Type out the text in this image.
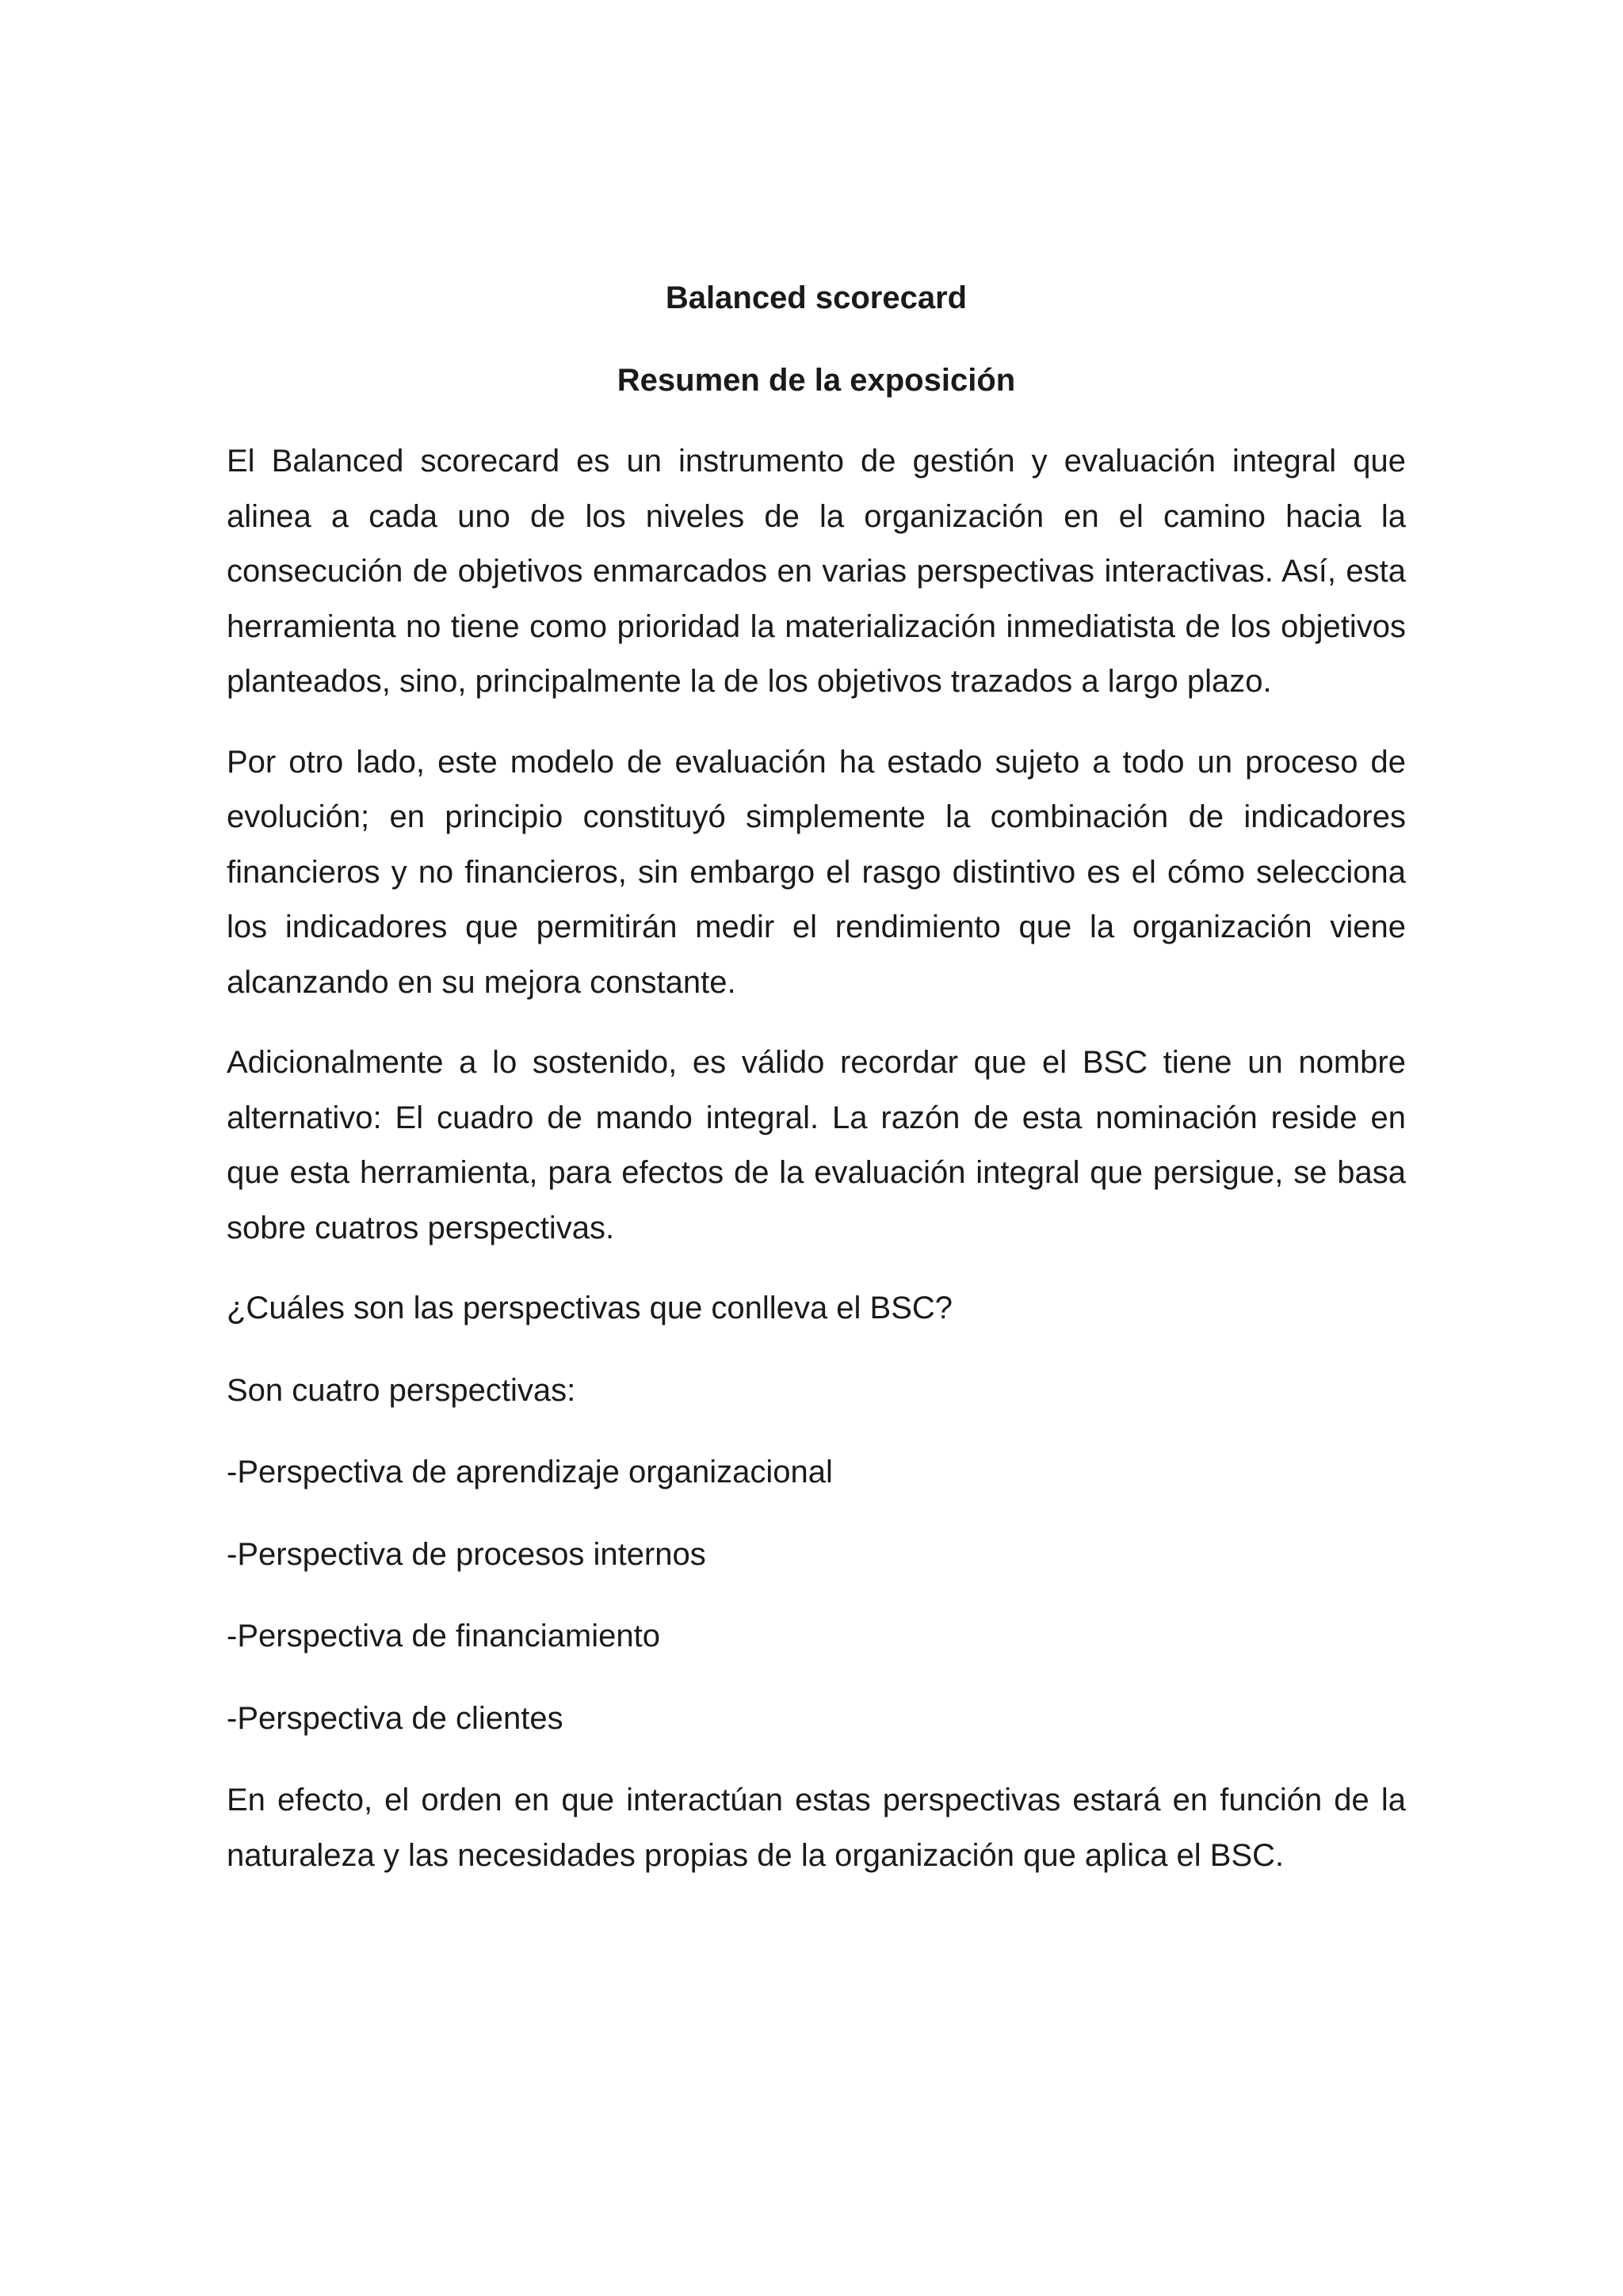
Balanced scorecard
Resumen de la exposición

El Balanced scorecard es un instrumento de gestión y evaluación integral que alinea a cada uno de los niveles de la organización en el camino hacia la consecución de objetivos enmarcados en varias perspectivas interactivas. Así, esta herramienta no tiene como prioridad la materialización inmediatista de los objetivos planteados, sino, principalmente la de los objetivos trazados a largo plazo.

Por otro lado, este modelo de evaluación ha estado sujeto a todo un proceso de evolución; en principio constituyó simplemente la combinación de indicadores financieros y no financieros, sin embargo el rasgo distintivo es el cómo selecciona los indicadores que permitirán medir el rendimiento que la organización viene alcanzando en su mejora constante.

Adicionalmente a lo sostenido, es válido recordar que el BSC tiene un nombre alternativo: El cuadro de mando integral. La razón de esta nominación reside en que esta herramienta, para efectos de la evaluación integral que persigue, se basa sobre cuatros perspectivas.

¿Cuáles son las perspectivas que conlleva el BSC?
Son cuatro perspectivas:
-Perspectiva de aprendizaje organizacional
-Perspectiva de procesos internos
-Perspectiva de financiamiento
-Perspectiva de clientes

En efecto, el orden en que interactúan estas perspectivas estará en función de la naturaleza y las necesidades propias de la organización que aplica el BSC.
